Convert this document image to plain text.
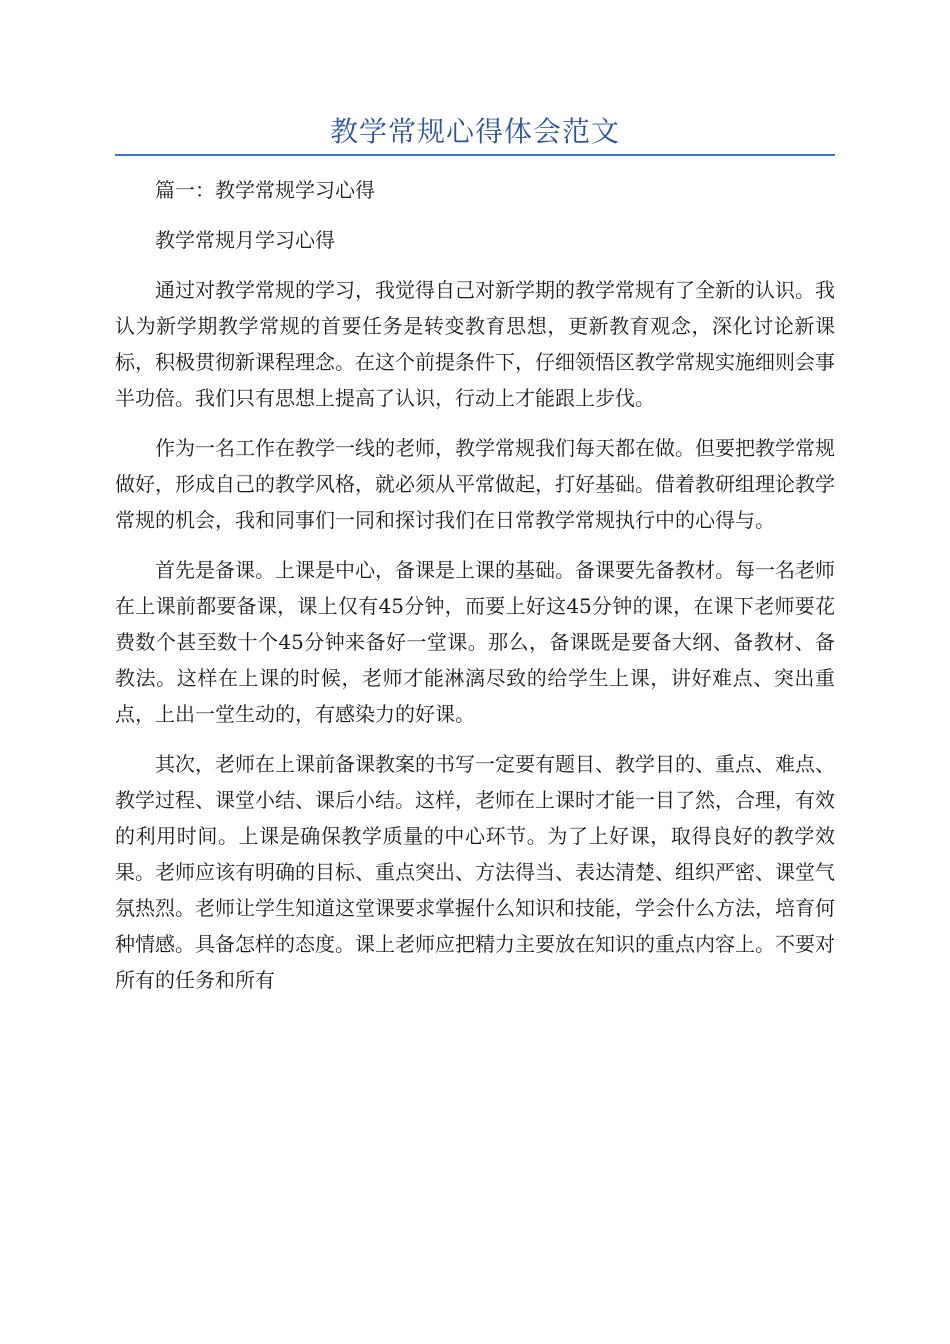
教学常规心得体会范文

篇一：教学常规学习心得

教学常规月学习心得

通过对教学常规的学习，我觉得自己对新学期的教学常规有了全新的认识。我认为新学期教学常规的首要任务是转变教育思想，更新教育观念，深化讨论新课标，积极贯彻新课程理念。在这个前提条件下，仔细领悟区教学常规实施细则会事半功倍。我们只有思想上提高了认识，行动上才能跟上步伐。

作为一名工作在教学一线的老师，教学常规我们每天都在做。但要把教学常规做好，形成自己的教学风格，就必须从平常做起，打好基础。借着教研组理论教学常规的机会，我和同事们一同和探讨我们在日常教学常规执行中的心得与。

首先是备课。上课是中心，备课是上课的基础。备课要先备教材。每一名老师在上课前都要备课，课上仅有45分钟，而要上好这45分钟的课，在课下老师要花费数个甚至数十个45分钟来备好一堂课。那么，备课既是要备大纲、备教材、备教法。这样在上课的时候，老师才能淋漓尽致的给学生上课，讲好难点、突出重点，上出一堂生动的，有感染力的好课。

其次，老师在上课前备课教案的书写一定要有题目、教学目的、重点、难点、教学过程、课堂小结、课后小结。这样，老师在上课时才能一目了然，合理，有效的利用时间。上课是确保教学质量的中心环节。为了上好课，取得良好的教学效果。老师应该有明确的目标、重点突出、方法得当、表达清楚、组织严密、课堂气氛热烈。老师让学生知道这堂课要求掌握什么知识和技能，学会什么方法，培育何种情感。具备怎样的态度。课上老师应把精力主要放在知识的重点内容上。不要对所有的任务和所有
